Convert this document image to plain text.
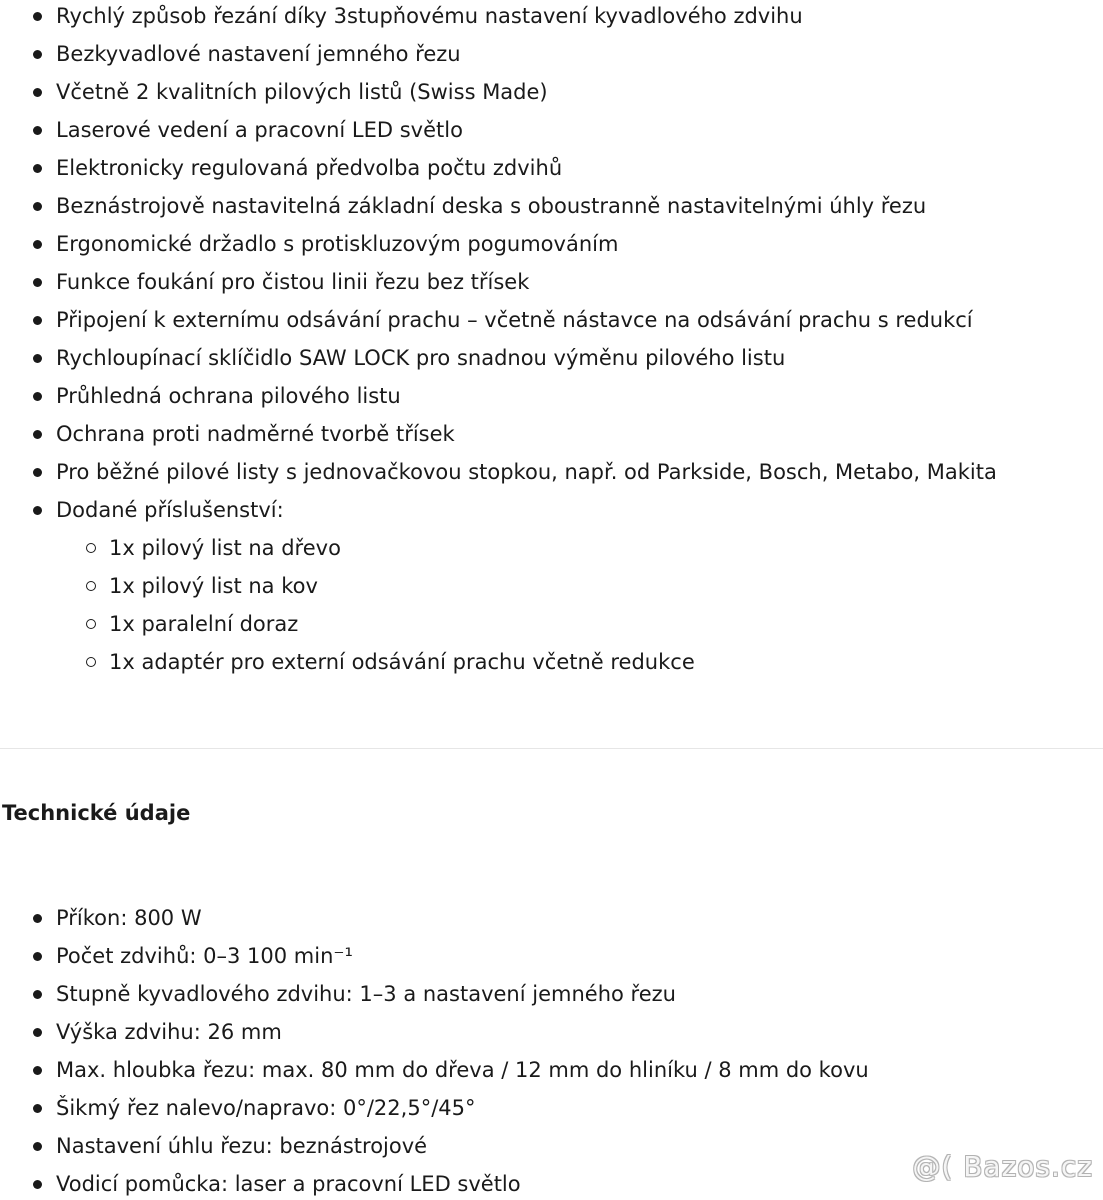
Rychlý způsob řezání díky 3stupňovému nastavení kyvadlového zdvihu
Bezkyvadlové nastavení jemného řezu
Včetně 2 kvalitních pilových listů (Swiss Made)
Laserové vedení a pracovní LED světlo
Elektronicky regulovaná předvolba počtu zdvihů
Beznástrojově nastavitelná základní deska s oboustranně nastavitelnými úhly řezu
Ergonomické držadlo s protiskluzovým pogumováním
Funkce foukání pro čistou linii řezu bez třísek
Připojení k externímu odsávání prachu – včetně nástavce na odsávání prachu s redukcí
Rychloupínací sklíčidlo SAW LOCK pro snadnou výměnu pilového listu
Průhledná ochrana pilového listu
Ochrana proti nadměrné tvorbě třísek
Pro běžné pilové listy s jednovačkovou stopkou, např. od Parkside, Bosch, Metabo, Makita
Dodané příslušenství:
1x pilový list na dřevo
1x pilový list na kov
1x paralelní doraz
1x adaptér pro externí odsávání prachu včetně redukce
Technické údaje
Příkon: 800 W
Počet zdvihů: 0–3 100 min⁻¹
Stupně kyvadlového zdvihu: 1–3 a nastavení jemného řezu
Výška zdvihu: 26 mm
Max. hloubka řezu: max. 80 mm do dřeva / 12 mm do hliníku / 8 mm do kovu
Šikmý řez nalevo/napravo: 0°/22,5°/45°
Nastavení úhlu řezu: beznástrojové
Vodicí pomůcka: laser a pracovní LED světlo
@( Bazos.cz
